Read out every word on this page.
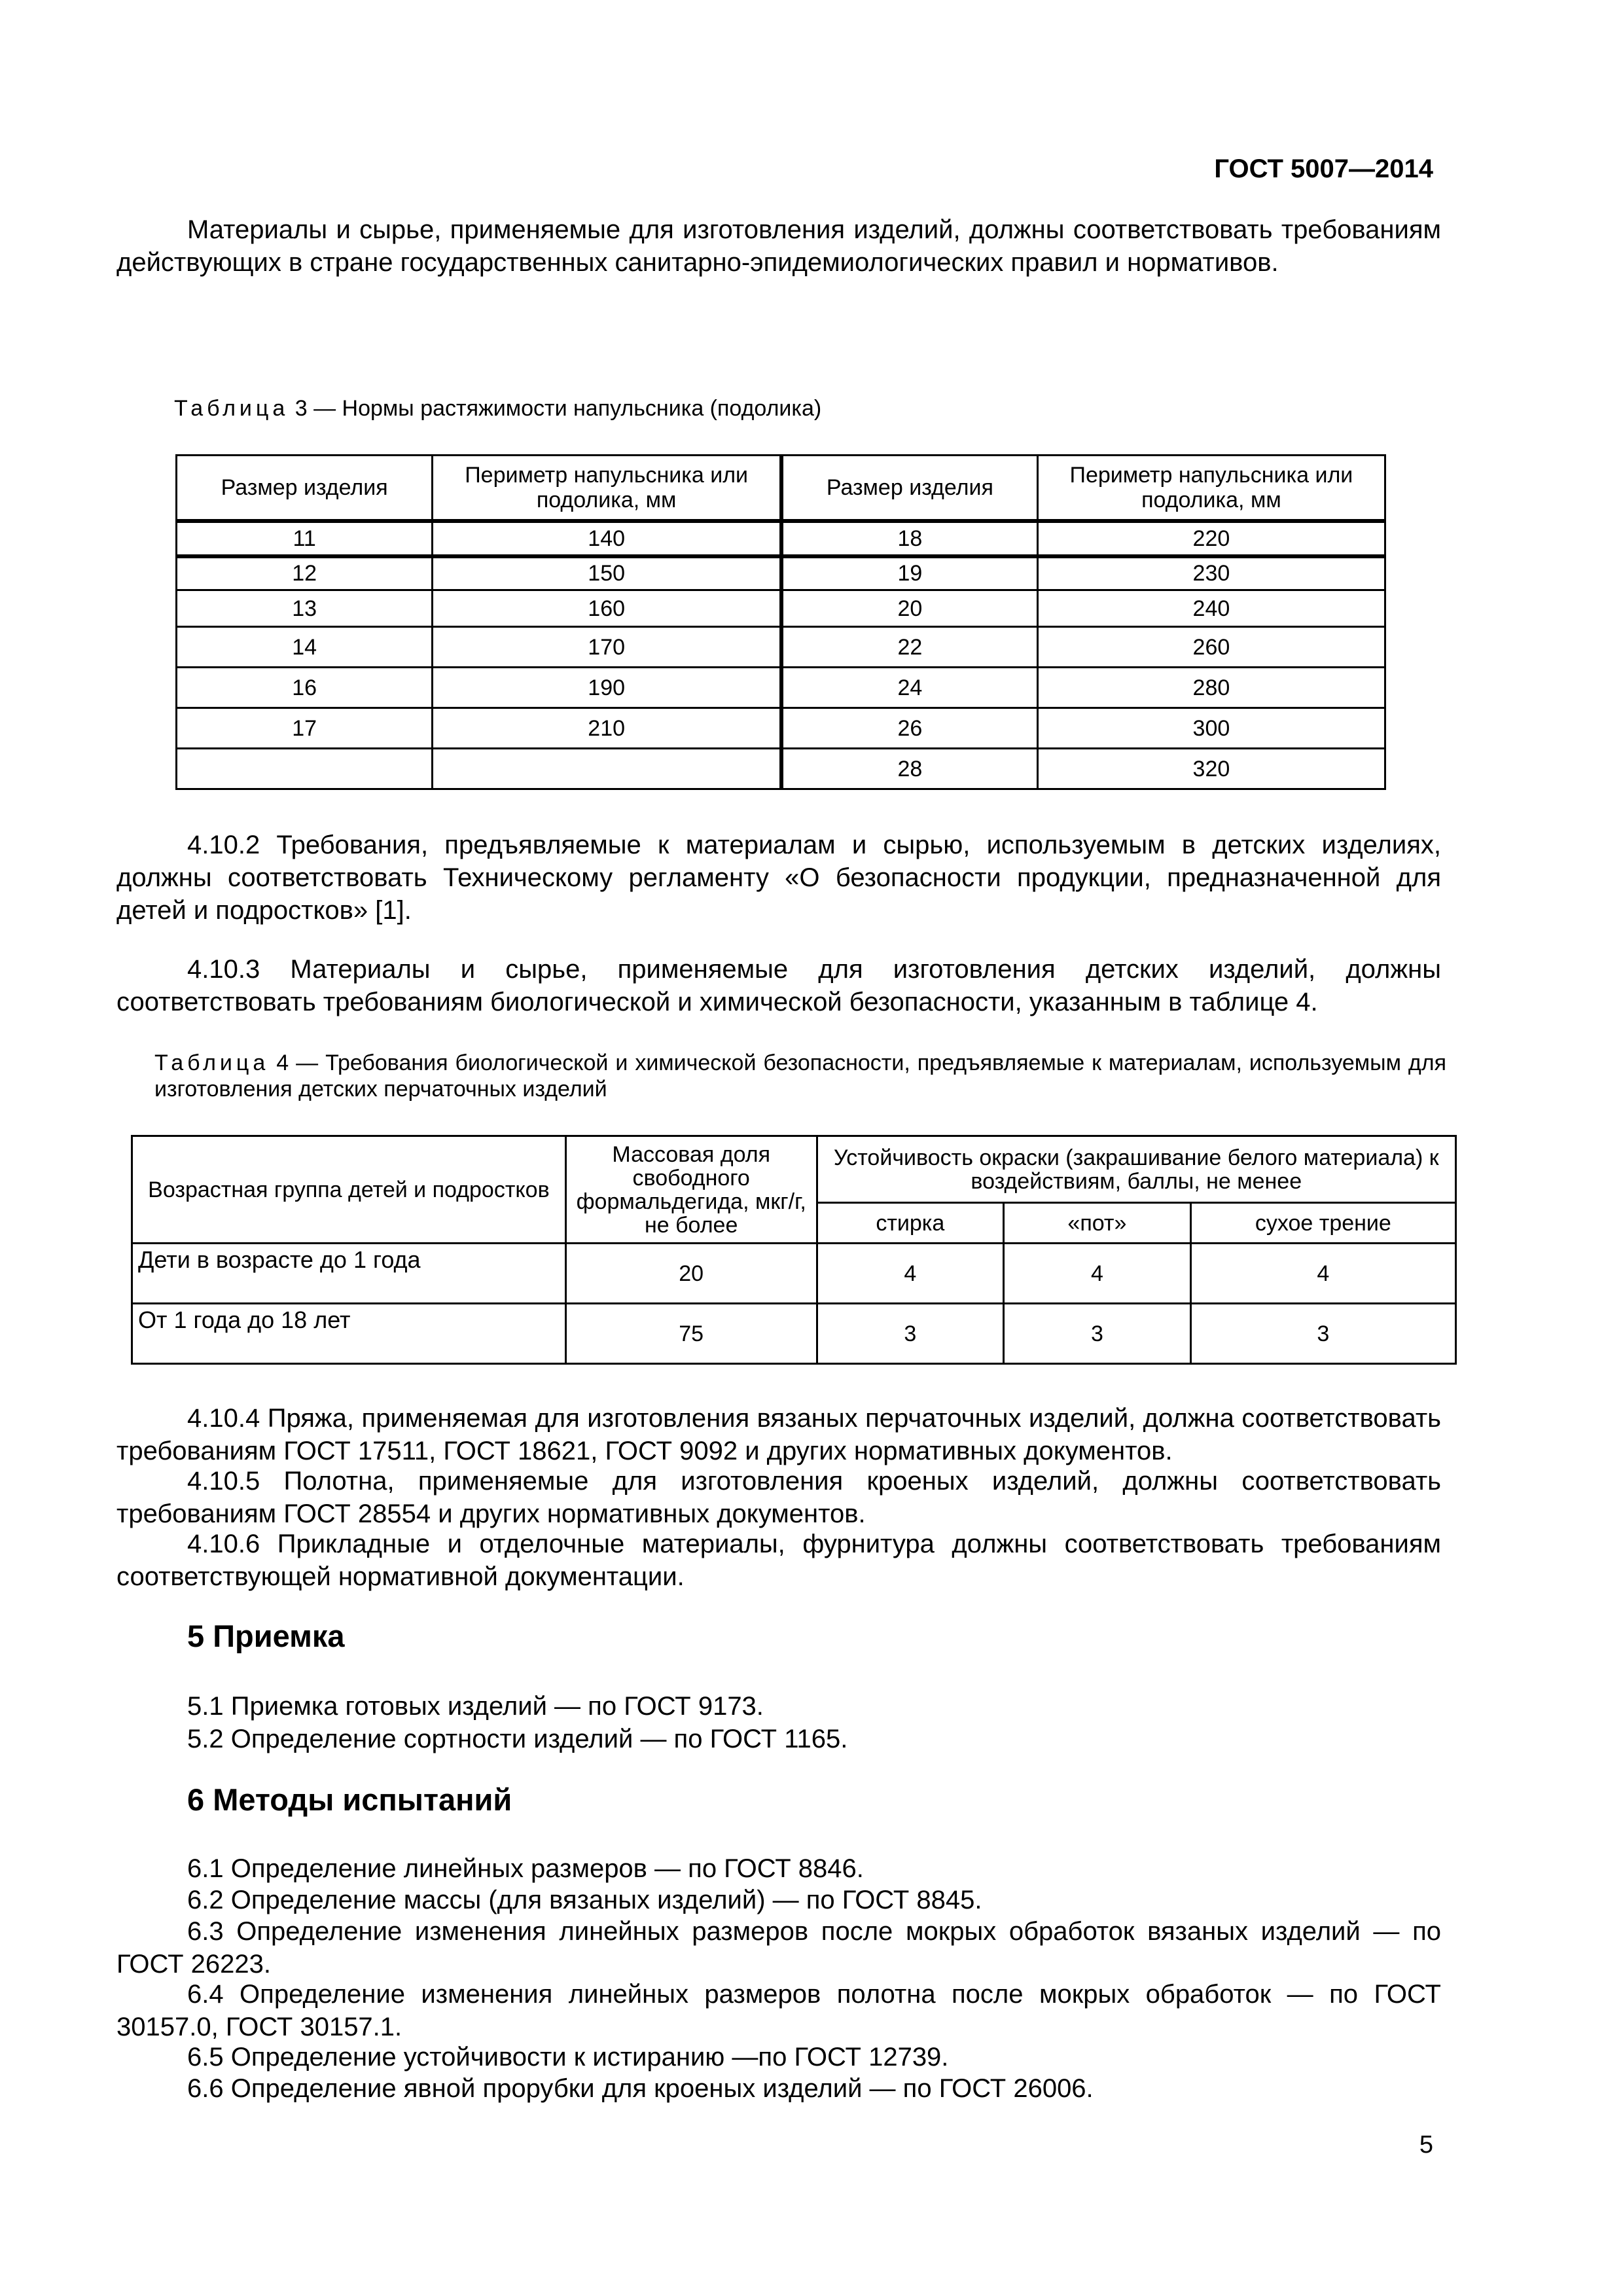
ГОСТ 5007—2014
Материалы и сырье, применяемые для изготовления изделий, должны соответствовать требованиям действующих в стране государственных санитарно-эпидемиологических правил и нормативов.
Таблица 3 — Нормы растяжимости напульсника (подолика)
Размер изделия	Периметр напульсника или подолика, мм	Размер изделия	Периметр напульсника или подолика, мм
11	140	18	220
12	150	19	230
13	160	20	240
14	170	22	260
16	190	24	280
17	210	26	300
		28	320
4.10.2 Требования, предъявляемые к материалам и сырью, используемым в детских изделиях, должны соответствовать Техническому регламенту «О безопасности продукции, предназначенной для детей и подростков» [1].
4.10.3 Материалы и сырье, применяемые для изготовления детских изделий, должны соответствовать требованиям биологической и химической безопасности, указанным в таблице 4.
Таблица 4 — Требования биологической и химической безопасности, предъявляемые к материалам, используемым для изготовления детских перчаточных изделий
Возрастная группа детей и подростков	Массовая доля свободного формальдегида, мкг/г, не более	Устойчивость окраски (закрашивание белого материала) к воздействиям, баллы, не менее		
		стирка	«пот»	сухое трение
Дети в возрасте до 1 года	20	4	4	4
От 1 года до 18 лет	75	3	3	3
4.10.4 Пряжа, применяемая для изготовления вязаных перчаточных изделий, должна соответствовать требованиям ГОСТ 17511, ГОСТ 18621, ГОСТ 9092 и других нормативных документов.
4.10.5 Полотна, применяемые для изготовления кроеных изделий, должны соответствовать требованиям ГОСТ 28554 и других нормативных документов.
4.10.6 Прикладные и отделочные материалы, фурнитура должны соответствовать требованиям соответствующей нормативной документации.
5 Приемка
5.1 Приемка готовых изделий — по ГОСТ 9173.
5.2 Определение сортности изделий — по ГОСТ 1165.
6 Методы испытаний
6.1 Определение линейных размеров — по ГОСТ 8846.
6.2 Определение массы (для вязаных изделий) — по ГОСТ 8845.
6.3 Определение изменения линейных размеров после мокрых обработок вязаных изделий — по ГОСТ 26223.
6.4 Определение изменения линейных размеров полотна после мокрых обработок — по ГОСТ 30157.0, ГОСТ 30157.1.
6.5 Определение устойчивости к истиранию —по ГОСТ 12739.
6.6 Определение явной прорубки для кроеных изделий — по ГОСТ 26006.
5
